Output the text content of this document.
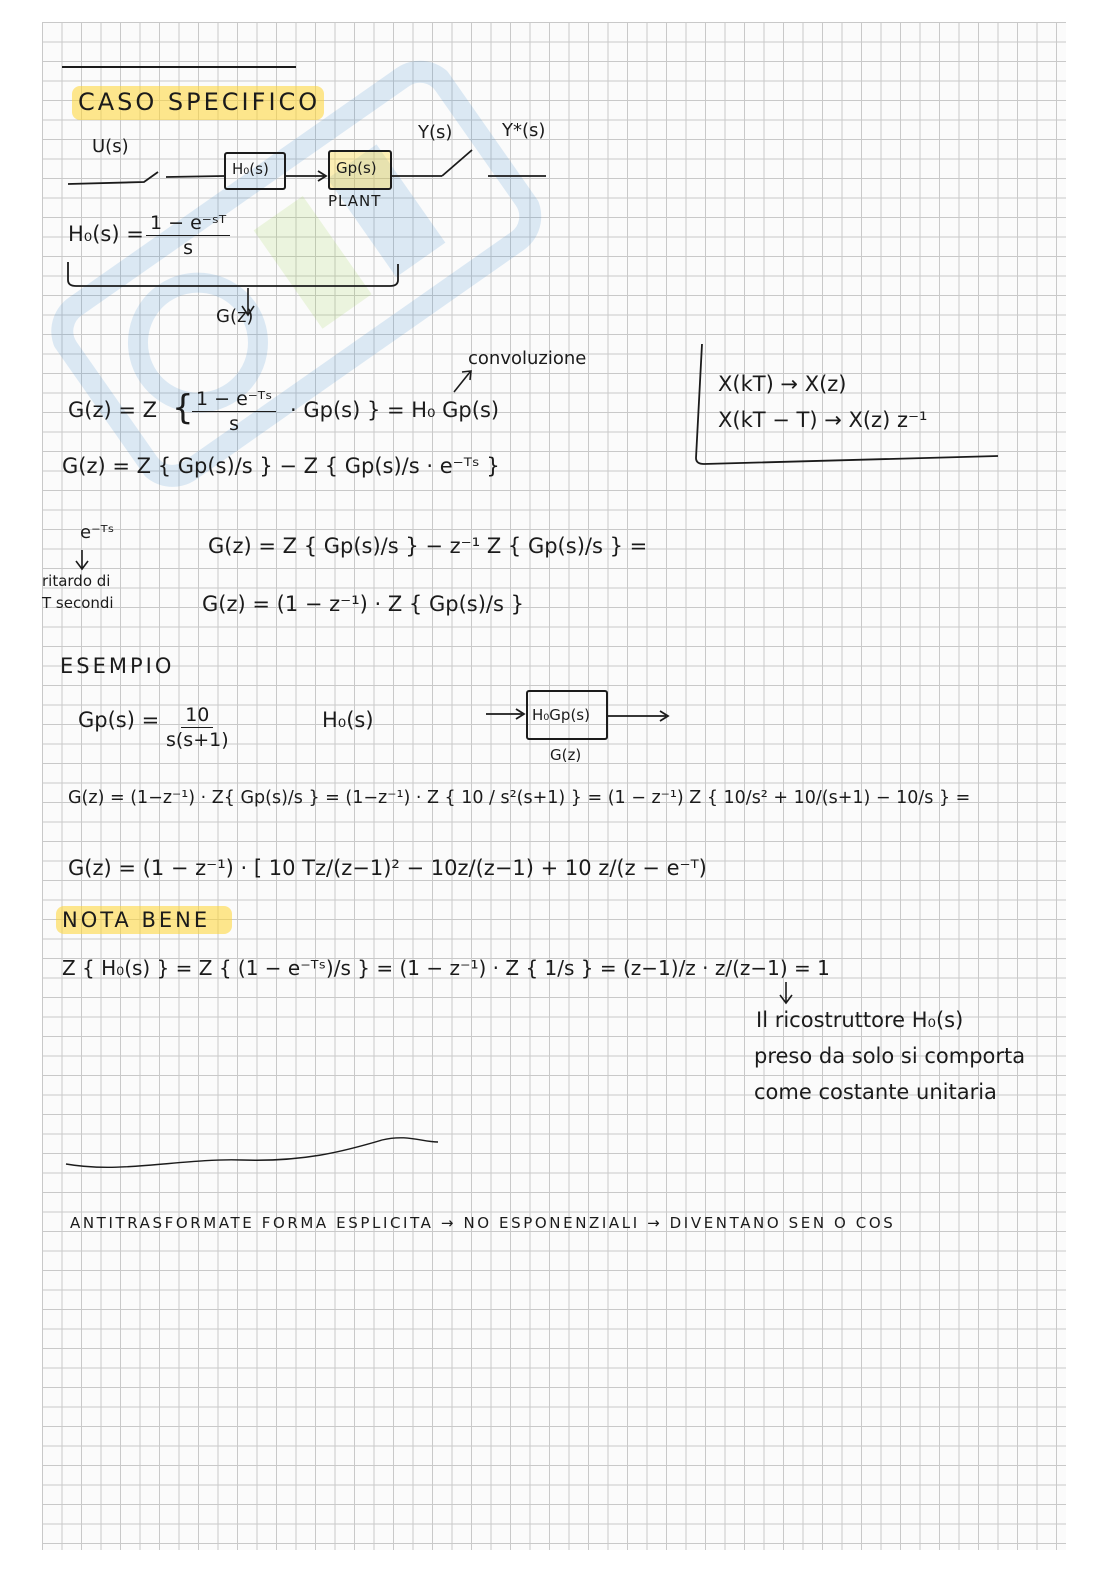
CASO SPECIFICO
U(s)
H₀(s)	Gp(s)
PLANT
Y(s)	Y*(s)
$H_0(s) = \frac{\text{1 − e⁻ˢᵀ}}{s}$
G(z)
convoluzione
G(z) = Z {
$\frac{\text{1 − e⁻ᵀˢ}}{s} \cdot Gp(s)$ } = H₀ Gp(s)
G(z) = Z { Gp(s)/s } − Z { Gp(s)/s · e⁻ᵀˢ }
e⁻ᵀˢ
ritardo di
T secondi
G(z) = Z { Gp(s)/s } − z⁻¹ Z { Gp(s)/s } =
G(z) = (1 − z⁻¹) · Z { Gp(s)/s }
X(kT) → X(z)
X(kT − T) → X(z) z⁻¹
ESEMPIO
$Gp(s) = \frac{10}{s(s+1)}$	H₀(s)	H₀Gp(s)
G(z)
G(z) = (1−z⁻¹) · Z{ Gp(s)/s } = (1−z⁻¹) · Z { 10 / s²(s+1) } = (1 − z⁻¹) Z { 10/s² + 10/(s+1) − 10/s } =
G(z) = (1 − z⁻¹) · [ 10 Tz/(z−1)² − 10z/(z−1) + 10 z/(z − e⁻ᵀ)
NOTA BENE
Z { H₀(s) } = Z { (1 − e⁻ᵀˢ)/s } = (1 − z⁻¹) · Z { 1/s } = (z−1)/z · z/(z−1) = 1
Il ricostruttore H₀(s)
preso da solo si comporta
come costante unitaria
ANTITRASFORMATE FORMA ESPLICITA → NO ESPONENZIALI → DIVENTANO SEN O COS
